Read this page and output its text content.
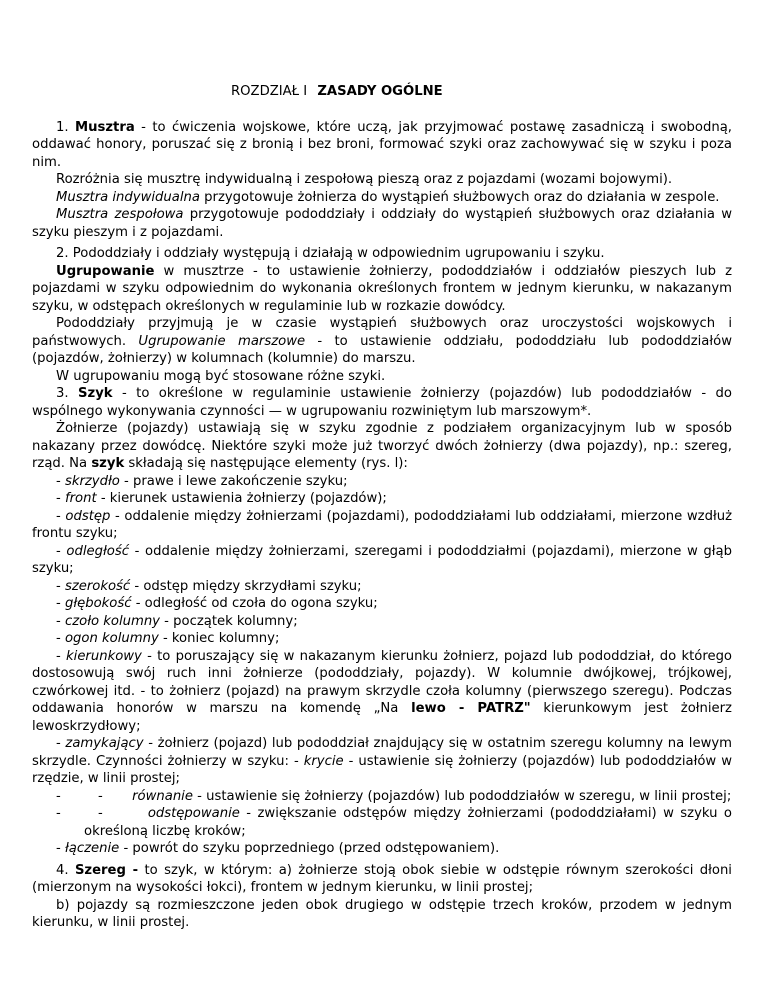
ROZDZIAŁ I ZASADY OGÓLNE

1. Musztra - to ćwiczenia wojskowe, które uczą, jak przyjmować postawę zasadniczą i swobodną, oddawać honory, poruszać się z bronią i bez broni, formować szyki oraz zachowywać się w szyku i poza nim.

Rozróżnia się musztrę indywidualną i zespołową pieszą oraz z pojazdami (wozami bojowymi).

Musztra indywidualna przygotowuje żołnierza do wystąpień służbowych oraz do działania w zespole.

Musztra zespołowa przygotowuje pododdziały i oddziały do wystąpień służbowych oraz działania w szyku pieszym i z pojazdami.

2. Pododdziały i oddziały występują i działają w odpowiednim ugrupowaniu i szyku.

Ugrupowanie w musztrze - to ustawienie żołnierzy, pododdziałów i oddziałów pieszych lub z pojazdami w szyku odpowiednim do wykonania określonych frontem w jednym kierunku, w nakazanym szyku, w odstępach określonych w regulaminie lub w rozkazie dowódcy.

Pododdziały przyjmują je w czasie wystąpień służbowych oraz uroczystości wojskowych i państwowych. Ugrupowanie marszowe - to ustawienie oddziału, pododdziału lub pododdziałów (pojazdów, żołnierzy) w kolumnach (kolumnie) do marszu.

W ugrupowaniu mogą być stosowane różne szyki.

3. Szyk - to określone w regulaminie ustawienie żołnierzy (pojazdów) lub pododdziałów - do wspólnego wykonywania czynności — w ugrupowaniu rozwiniętym lub marszowym*.

Żołnierze (pojazdy) ustawiają się w szyku zgodnie z podziałem organizacyjnym lub w sposób nakazany przez dowódcę. Niektóre szyki może już tworzyć dwóch żołnierzy (dwa pojazdy), np.: szereg, rząd. Na szyk składają się następujące elementy (rys. l):

- skrzydło - prawe i lewe zakończenie szyku;

- front - kierunek ustawienia żołnierzy (pojazdów);

- odstęp - oddalenie między żołnierzami (pojazdami), pododdziałami lub oddziałami, mierzone wzdłuż frontu szyku;

- odległość - oddalenie między żołnierzami, szeregami i pododdziałmi (pojazdami), mierzone w głąb szyku;

- szerokość - odstęp między skrzydłami szyku;

- głębokość - odległość od czoła do ogona szyku;

- czoło kolumny - początek kolumny;

- ogon kolumny - koniec kolumny;

- kierunkowy - to poruszający się w nakazanym kierunku żołnierz, pojazd lub pododdział, do którego dostosowują swój ruch inni żołnierze (pododdziały, pojazdy). W kolumnie dwójkowej, trójkowej, czwórkowej itd. - to żołnierz (pojazd) na prawym skrzydle czoła kolumny (pierwszego szeregu). Podczas oddawania honorów w marszu na komendę „Na lewo - PATRZ" kierunkowym jest żołnierz lewoskrzydłowy;

- zamykający - żołnierz (pojazd) lub pododdział znajdujący się w ostatnim szeregu kolumny na lewym skrzydle. Czynności żołnierzy w szyku: - krycie - ustawienie się żołnierzy (pojazdów) lub pododdziałów w rzędzie, w linii prostej;

-	-       równanie - ustawienie się żołnierzy (pojazdów) lub pododdziałów w szeregu, w linii prostej;
-	-	odstępowanie - zwiększanie odstępów między żołnierzami (pododdziałami) w szyku o określoną liczbę kroków;

- łączenie - powrót do szyku poprzedniego (przed odstępowaniem).

4. Szereg - to szyk, w którym: a) żołnierze stoją obok siebie w odstępie równym szerokości dłoni (mierzonym na wysokości łokci), frontem w jednym kierunku, w linii prostej;

b) pojazdy są rozmieszczone jeden obok drugiego w odstępie trzech kroków, przodem w jednym kierunku, w linii prostej.
